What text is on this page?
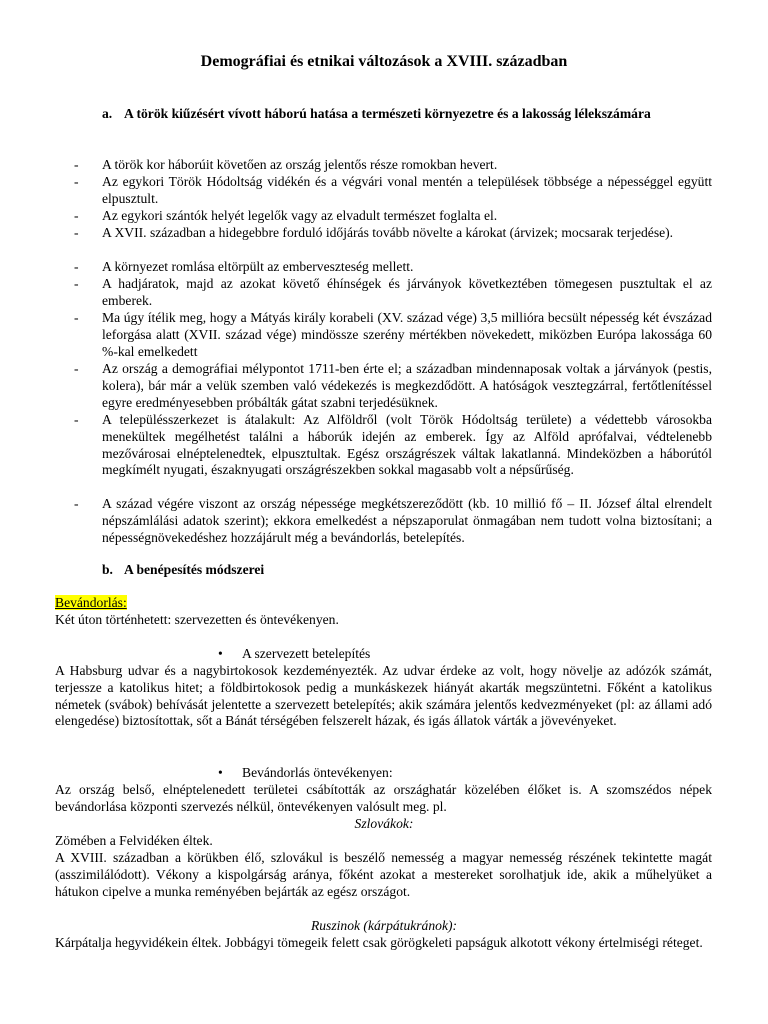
Demográfiai és etnikai változások a XVIII. században
a. A török kiűzésért vívott háború hatása a természeti környezetre és a lakosság lélekszámára
- A török kor háborúit követően az ország jelentős része romokban hevert.
- Az egykori Török Hódoltság vidékén és a végvári vonal mentén a települések többsége a népességgel együtt elpusztult.
- Az egykori szántók helyét legelők vagy az elvadult természet foglalta el.
- A XVII. században a hidegebbre forduló időjárás tovább növelte a károkat (árvizek; mocsarak terjedése).
- A környezet romlása eltörpült az emberveszteség mellett.
- A hadjáratok, majd az azokat követő éhínségek és járványok következtében tömegesen pusztultak el az emberek.
- Ma úgy ítélik meg, hogy a Mátyás király korabeli (XV. század vége) 3,5 millióra becsült népesség két évszázad leforgása alatt (XVII. század vége) mindössze szerény mértékben növekedett, miközben Európa lakossága 60 %-kal emelkedett
- Az ország a demográfiai mélypontot 1711-ben érte el; a században mindennaposak voltak a járványok (pestis, kolera), bár már a velük szemben való védekezés is megkezdődött. A hatóságok vesztegzárral, fertőtlenítéssel egyre eredményesebben próbálták gátat szabni terjedésüknek.
- A településszerkezet is átalakult: Az Alföldről (volt Török Hódoltság területe) a védettebb városokba menekültek megélhetést találni a háborúk idején az emberek. Így az Alföld aprófalvai, védtelenebb mezővárosai elnéptelenedtek, elpusztultak. Egész országrészek váltak lakatlanná. Mindeközben a háborútól megkímélt nyugati, északnyugati országrészekben sokkal magasabb volt a népsűrűség.
- A század végére viszont az ország népessége megkétszereződött (kb. 10 millió fő – II. József által elrendelt népszámlálási adatok szerint); ekkora emelkedést a népszaporulat önmagában nem tudott volna biztosítani; a népességnövekedéshez hozzájárult még a bevándorlás, betelepítés.
b. A benépesítés módszerei
Bevándorlás:
Két úton történhetett: szervezetten és öntevékenyen.
• A szervezett betelepítés
A Habsburg udvar és a nagybirtokosok kezdeményezték. Az udvar érdeke az volt, hogy növelje az adózók számát, terjessze a katolikus hitet; a földbirtokosok pedig a munkáskezek hiányát akarták megszüntetni. Főként a katolikus németek (svábok) behívását jelentette a szervezett betelepítés; akik számára jelentős kedvezményeket (pl: az állami adó elengedése) biztosítottak, sőt a Bánát térségében felszerelt házak, és igás állatok várták a jövevényeket.
• Bevándorlás öntevékenyen:
Az ország belső, elnéptelenedett területei csábították az országhatár közelében élőket is. A szomszédos népek bevándorlása központi szervezés nélkül, öntevékenyen valósult meg. pl.
Szlovákok:
Zömében a Felvidéken éltek.
A XVIII. században a körükben élő, szlovákul is beszélő nemesség a magyar nemesség részének tekintette magát (asszimilálódott). Vékony a kispolgárság aránya, főként azokat a mestereket sorolhatjuk ide, akik a műhelyüket a hátukon cipelve a munka reményében bejárták az egész országot.
Ruszinok (kárpátukránok):
Kárpátalja hegyvidékein éltek. Jobbágyi tömegeik felett csak görögkeleti papságuk alkotott vékony értelmiségi réteget.
